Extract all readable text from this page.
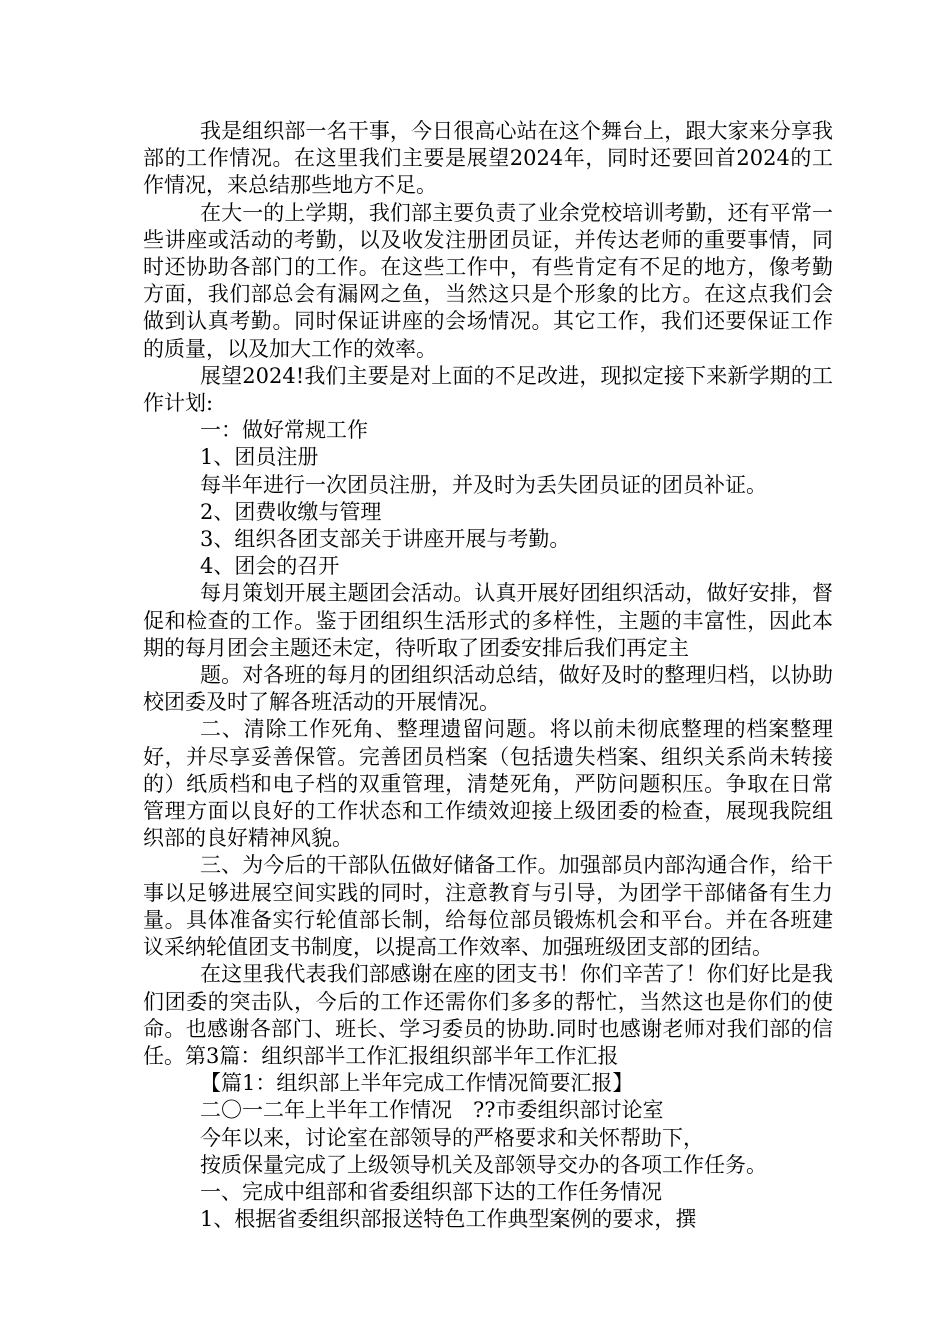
我是组织部一名干事，今日很高心站在这个舞台上，跟大家来分享我部的工作情况。在这里我们主要是展望2024年，同时还要回首2024的工作情况，来总结那些地方不足。

在大一的上学期，我们部主要负责了业余党校培训考勤，还有平常一些讲座或活动的考勤，以及收发注册团员证，并传达老师的重要事情，同时还协助各部门的工作。在这些工作中，有些肯定有不足的地方，像考勤方面，我们部总会有漏网之鱼，当然这只是个形象的比方。在这点我们会做到认真考勤。同时保证讲座的会场情况。其它工作，我们还要保证工作的质量，以及加大工作的效率。

展望2024!我们主要是对上面的不足改进，现拟定接下来新学期的工作计划:

一：做好常规工作

1、团员注册

每半年进行一次团员注册，并及时为丢失团员证的团员补证。

2、团费收缴与管理

3、组织各团支部关于讲座开展与考勤。

4、团会的召开

每月策划开展主题团会活动。认真开展好团组织活动，做好安排，督促和检查的工作。鉴于团组织生活形式的多样性，主题的丰富性，因此本期的每月团会主题还未定，待听取了团委安排后我们再定主

题。对各班的每月的团组织活动总结，做好及时的整理归档，以协助校团委及时了解各班活动的开展情况。

二、清除工作死角、整理遗留问题。将以前未彻底整理的档案整理好，并尽享妥善保管。完善团员档案（包括遗失档案、组织关系尚未转接的）纸质档和电子档的双重管理，清楚死角，严防问题积压。争取在日常管理方面以良好的工作状态和工作绩效迎接上级团委的检查，展现我院组织部的良好精神风貌。

三、为今后的干部队伍做好储备工作。加强部员内部沟通合作，给干事以足够进展空间实践的同时，注意教育与引导，为团学干部储备有生力量。具体准备实行轮值部长制，给每位部员锻炼机会和平台。并在各班建议采纳轮值团支书制度，以提高工作效率、加强班级团支部的团结。

在这里我代表我们部感谢在座的团支书！你们辛苦了！你们好比是我们团委的突击队，今后的工作还需你们多多的帮忙，当然这也是你们的使命。也感谢各部门、班长、学习委员的协助.同时也感谢老师对我们部的信任。第3篇：组织部半工作汇报组织部半年工作汇报

【篇1：组织部上半年完成工作情况简要汇报】

二〇一二年上半年工作情况　??市委组织部讨论室

今年以来，讨论室在部领导的严格要求和关怀帮助下，

按质保量完成了上级领导机关及部领导交办的各项工作任务。

一、完成中组部和省委组织部下达的工作任务情况

1、根据省委组织部报送特色工作典型案例的要求，撰
